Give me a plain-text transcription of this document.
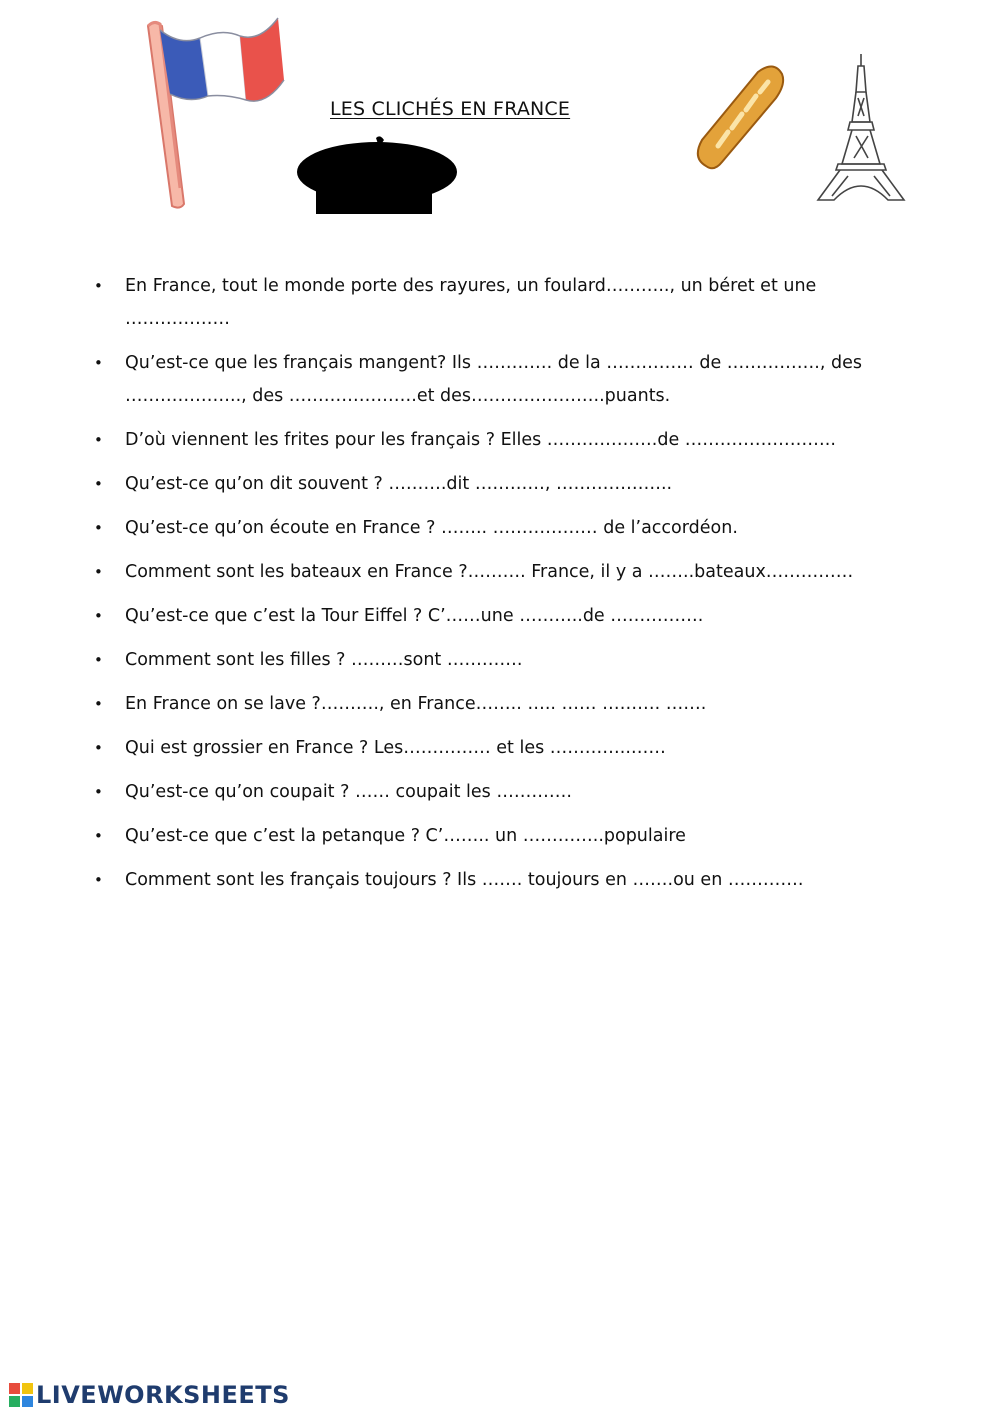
LES CLICHÉS EN FRANCE
• En France, tout le monde porte des rayures, un foulard……….., un béret et une ………………
• Qu’est-ce que les français mangent? Ils …………. de la …………… de ……………., des ……………….., des ………………….et des…………………..puants.
• D’où viennent les frites pour les français ? Elles ……………….de ……………………..
• Qu’est-ce qu’on dit souvent ? ……….dit …………, ………………..
• Qu’est-ce qu’on écoute en France ? …….. ……………… de l’accordéon.
• Comment sont les bateaux en France ?………. France, il y a ……..bateaux……………
• Qu’est-ce que c’est la Tour Eiffel ? C’……une ………..de …………….
• Comment sont les filles ? ………sont ………….
• En France on se lave ?………., en France…….. ….. …… ………. …….
• Qui est grossier en France ? Les…………… et les …………..……
• Qu’est-ce qu’on coupait ? …… coupait les ………….
• Qu’est-ce que c’est la petanque ? C’…….. un …………..populaire
• Comment sont les français toujours ? Ils ……. toujours en …….ou en ………….
LIVEWORKSHEETS
